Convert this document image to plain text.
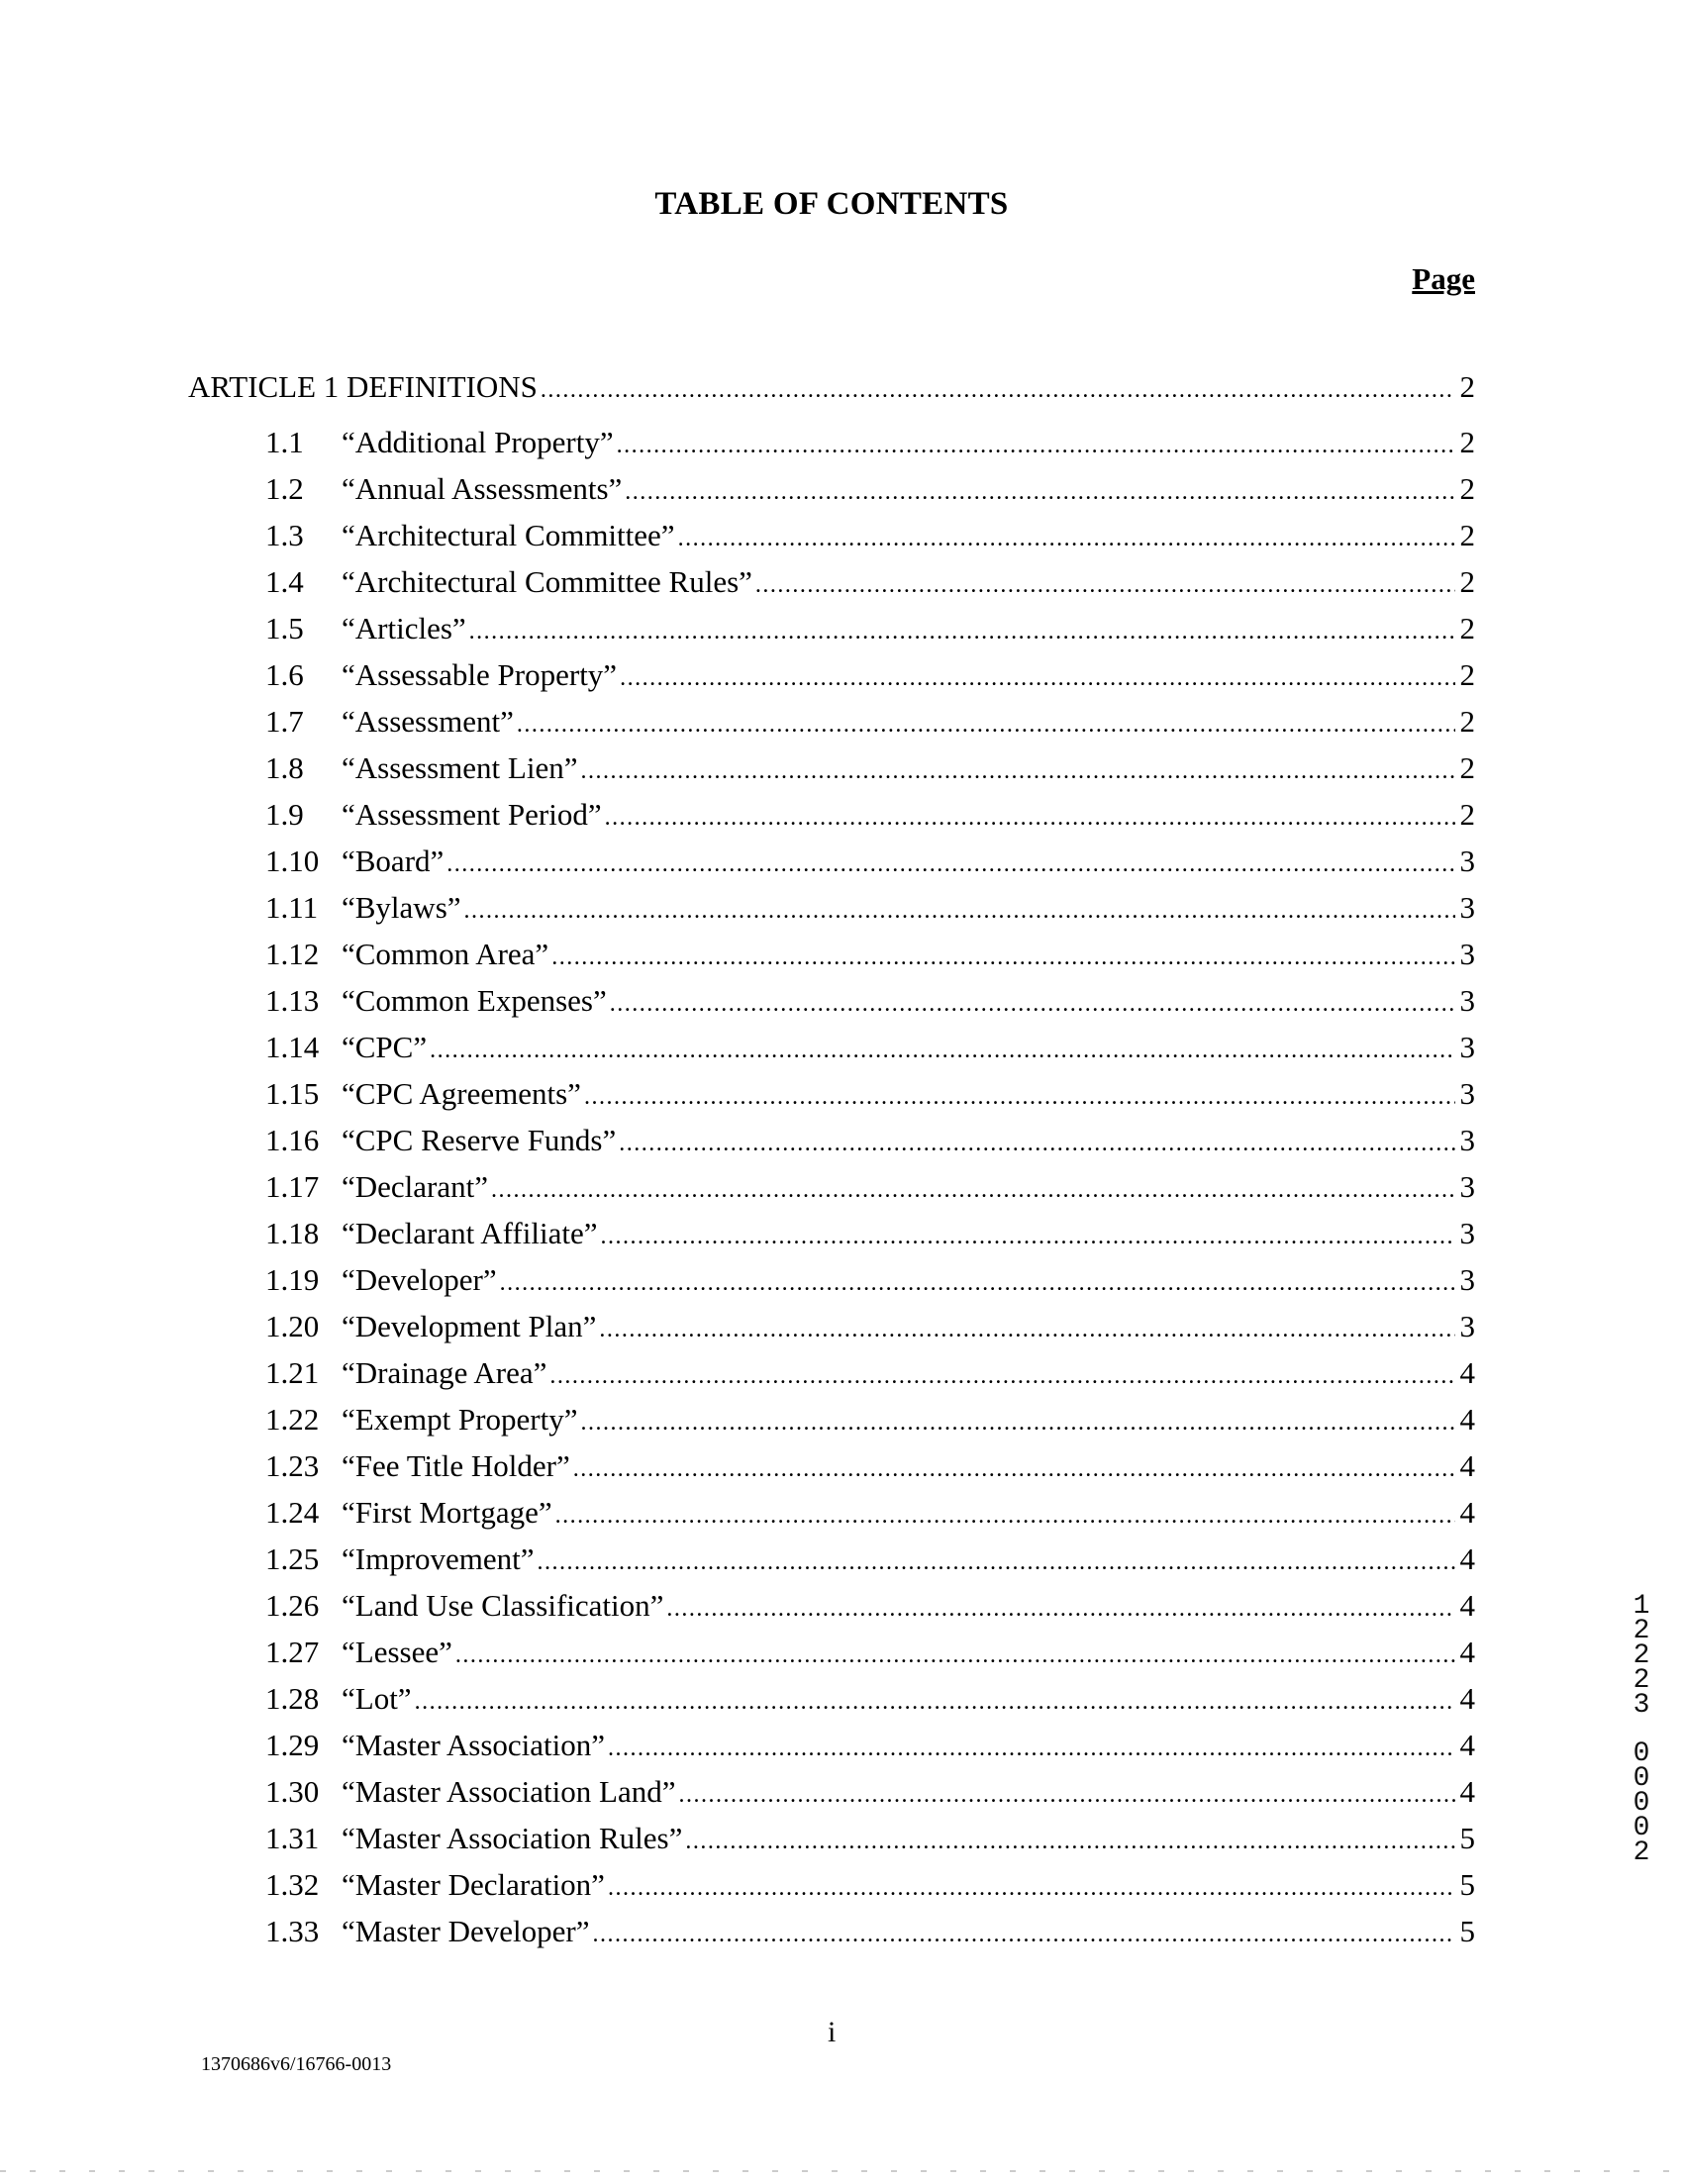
TABLE OF CONTENTS
Page
ARTICLE 1 DEFINITIONS .....	2
1.1	“Additional Property” .....	2
1.2	“Annual Assessments” .....	2
1.3	“Architectural Committee” .....	2
1.4	“Architectural Committee Rules” .....	2
1.5	“Articles” .....	2
1.6	“Assessable Property” .....	2
1.7	“Assessment” .....	2
1.8	“Assessment Lien” .....	2
1.9	“Assessment Period” .....	2
1.10 “Board” .....	3
1.11 “Bylaws” .....	3
1.12 “Common Area” .....	3
1.13 “Common Expenses” .....	3
1.14 “CPC” .....	3
1.15 “CPC Agreements” .....	3
1.16 “CPC Reserve Funds” .....	3
1.17 “Declarant” .....	3
1.18 “Declarant Affiliate” .....	3
1.19 “Developer” .....	3
1.20 “Development Plan” .....	3
1.21 “Drainage Area” .....	4
1.22 “Exempt Property” .....	4
1.23 “Fee Title Holder” .....	4
1.24 “First Mortgage” .....	4
1.25 “Improvement” .....	4
1.26 “Land Use Classification” .....	4
1.27 “Lessee” .....	4
1.28 “Lot” .....	4
1.29 “Master Association” .....	4
1.30 “Master Association Land” .....	4
1.31 “Master Association Rules” .....	5
1.32 “Master Declaration” .....	5
1.33 “Master Developer” .....	5
i
1370686v6/16766-0013
1
2
2
2
3
0
0
0
0
2
